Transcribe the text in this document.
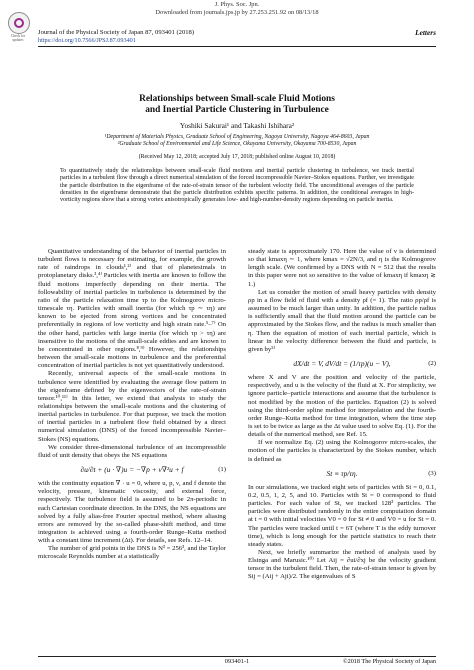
J. Phys. Soc. Jpn.
Downloaded from journals.jps.jp by 27.253.251.92 on 08/13/18
Check for updates
Journal of the Physical Society of Japan 87, 093401 (2018)	Letters
https://doi.org/10.7566/JPSJ.87.093401
Relationships between Small-scale Fluid Motions
and Inertial Particle Clustering in Turbulence
Yoshiki Sakurai¹ and Takashi Ishihara²
¹Department of Materials Physics, Graduate School of Engineering, Nagoya University, Nagoya 464-8603, Japan
²Graduate School of Environmental and Life Science, Okayama University, Okayama 700-8530, Japan
(Received May 12, 2018; accepted July 17, 2018; published online August 10, 2018)
To quantitatively study the relationships between small-scale fluid motions and inertial particle clustering in turbulence, we track inertial particles in a turbulent flow through a direct numerical simulation of the forced incompressible Navier–Stokes equations. Further, we investigate the particle distribution in the eigenframe of the rate-of-strain tensor of the turbulent velocity field. The unconditional averages of the particle densities in the eigenframe demonstrate that the particle distribution exhibits specific patterns. In addition, the conditional averages in high-vorticity regions show that a strong vortex anisotropically generates low- and high-number-density regions depending on particle inertia.

Quantitative understanding of the behavior of inertial particles in turbulent flows is necessary for estimating, for example, the growth rate of raindrops in clouds¹,²⁾ and that of planetesimals in protoplanetary disks.³,⁴⁾ Particles with inertia are known to follow the fluid motions imperfectly depending on their inertia. The followability of inertial particles in turbulence is determined by the ratio of the particle relaxation time τp to the Kolmogorov micro-timescale τη. Particles with small inertia (for which τp ∼ τη) are known to be ejected from strong vortices and be concentrated preferentially in regions of low vorticity and high strain rate.⁵–⁷⁾ On the other hand, particles with large inertia (for which τp > τη) are insensitive to the motions of the small-scale eddies and are known to be concentrated in other regions.⁸,⁹⁾ However, the relationships between the small-scale motions in turbulence and the preferential concentration of inertial particles is not yet quantitatively understood.

Recently, universal aspects of the small-scale motions in turbulence were identified by evaluating the average flow pattern in the eigenframe defined by the eigenvectors of the rate-of-strain tensor.¹⁰,¹¹⁾ In this letter, we extend that analysis to study the relationships between the small-scale motions and the clustering of inertial particles in turbulence. For that purpose, we track the motion of inertial particles in a turbulent flow field obtained by a direct numerical simulation (DNS) of the forced incompressible Navier–Stokes (NS) equations.

We consider three-dimensional turbulence of an incompressible fluid of unit density that obeys the NS equations

∂u/∂t + (u · ∇)u = −∇p + ν∇²u + f	(1)

with the continuity equation ∇ · u = 0, where u, p, ν, and f denote the velocity, pressure, kinematic viscosity, and external force, respectively. The turbulence field is assumed to be 2π-periodic in each Cartesian coordinate direction. In the DNS, the NS equations are solved by a fully alias-free Fourier spectral method, where aliasing errors are removed by the so-called phase-shift method, and time integration is achieved using a fourth-order Runge–Kutta method with a constant time increment (Δt). For details, see Refs. 12–14.

The number of grid points in the DNS is N³ = 256³, and the Taylor microscale Reynolds number at a statistically

steady state is approximately 170. Here the value of ν is determined so that kmaxη ∼ 1, where kmax = √2N/3, and η is the Kolmogorov length scale. (We confirmed by a DNS with N = 512 that the results in this paper were not so sensitive to the value of kmaxη if kmaxη ≳ 1.)

Let us consider the motion of small heavy particles with density ρp in a flow field of fluid with a density ρf (= 1). The ratio ρp/ρf is assumed to be much larger than unity. In addition, the particle radius is sufficiently small that the fluid motion around the particle can be approximated by the Stokes flow, and the radius is much smaller than η. Then the equation of motion of each inertial particle, which is linear in the velocity difference between the fluid and particle, is given by⁵⁾

dX/dt = V, dV/dt = (1/τp)(u − V),	(2)

where X and V are the position and velocity of the particle, respectively, and u is the velocity of the fluid at X. For simplicity, we ignore particle–particle interactions and assume that the turbulence is not modified by the motion of the particles. Equation (2) is solved using the third-order spline method for interpolation and the fourth-order Runge–Kutta method for time integration, where the time step is set to be twice as large as the Δt value used to solve Eq. (1). For the details of the numerical method, see Ref. 15.

If we normalize Eq. (2) using the Kolmogorov micro-scales, the motion of the particles is characterized by the Stokes number, which is defined as

St ≡ τp/τη.	(3)

In our simulations, we tracked eight sets of particles with St = 0, 0.1, 0.2, 0.5, 1, 2, 5, and 10. Particles with St = 0 correspond to fluid particles. For each value of St, we tracked 128³ particles. The particles were distributed randomly in the entire computation domain at t = 0 with initial velocities V0 = 0 for St ≠ 0 and V0 = u for St = 0. The particles were tracked until t = 6T (where T is the eddy turnover time), which is long enough for the particle statistics to reach their steady states.

Next, we briefly summarize the method of analysis used by Elsinga and Marusic.¹⁰⁾ Let Aij = ∂ui/∂xj be the velocity gradient tensor in the turbulent field. Then, the rate-of-strain tensor is given by Sij = (Aij + Aji)/2. The eigenvalues of S

093401-1	©2018 The Physical Society of Japan
